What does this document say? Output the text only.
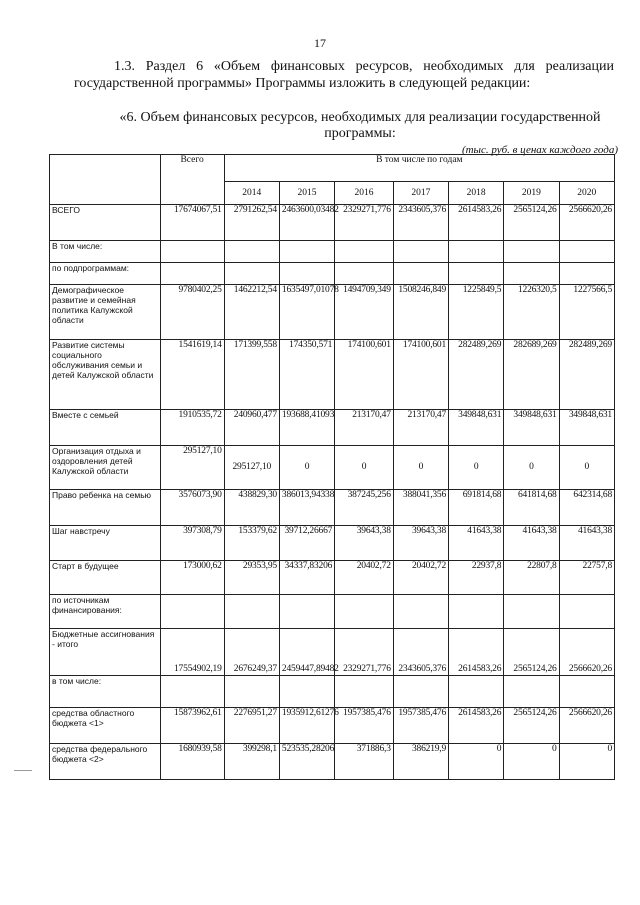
17
1.3. Раздел 6 «Объем финансовых ресурсов, необходимых для реализации государственной программы» Программы изложить в следующей редакции:
«6. Объем финансовых ресурсов, необходимых для реализации государственной программы:
(тыс. руб. в ценах каждого года)
	Всего	В том числе по годам						
		2014	2015	2016	2017	2018	2019	2020
ВСЕГО	17674067,51	2791262,54	2463600,03482	2329271,776	2343605,376	2614583,26	2565124,26	2566620,26
В том числе:								
по подпрограммам:								
Демографическое развитие и семейная политика Калужской области	9780402,25	1462212,54	1635497,01078	1494709,349	1508246,849	1225849,5	1226320,5	1227566,5
Развитие системы социального обслуживания семьи и детей Калужской области	1541619,14	171399,558	174350,571	174100,601	174100,601	282489,269	282689,269	282489,269
Вместе с семьей	1910535,72	240960,477	193688,41093	213170,47	213170,47	349848,631	349848,631	349848,631
Организация отдыха и оздоровления детей Калужской области	295127,10	295127,10	0	0	0	0	0	0
Право ребенка на семью	3576073,90	438829,30	386013,94338	387245,256	388041,356	691814,68	641814,68	642314,68
Шаг навстречу	397308,79	153379,62	39712,26667	39643,38	39643,38	41643,38	41643,38	41643,38
Старт в будущее	173000,62	29353,95	34337,83206	20402,72	20402,72	22937,8	22807,8	22757,8
по источникам финансирования:								
Бюджетные ассигнования - итого	17554902,19	2676249,37	2459447,89482	2329271,776	2343605,376	2614583,26	2565124,26	2566620,26
в том числе:								
средства областного бюджета <1>	15873962,61	2276951,27	1935912,61276	1957385,476	1957385,476	2614583,26	2565124,26	2566620,26
средства федерального бюджета <2>	1680939,58	399298,1	523535,28206	371886,3	386219,9	0	0	0
